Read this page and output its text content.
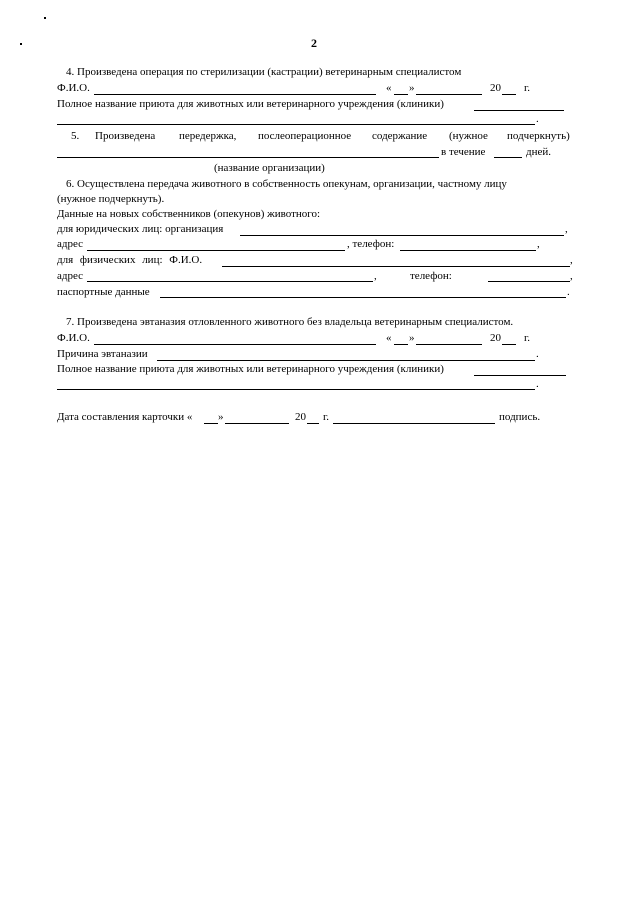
2
4. Произведена операция по стерилизации (кастрации) ветеринарным специалистом
Ф.И.О.	« »	20 г.
Полное название приюта для животных или ветеринарного учреждения (клиники)
.
5. Произведена передержка, послеоперационное содержание (нужное подчеркнуть)
в течение	дней.
(название организации)
6. Осуществлена передача животного в собственность опекунам, организации, частному лицу
(нужное подчеркнуть).
Данные на новых собственников (опекунов) животного:
для юридических лиц: организация	,
адрес	, телефон:	,
для физических лиц: Ф.И.О.	,
адрес	,	телефон:	,
паспортные данные	.
7. Произведена эвтаназия отловленного животного без владельца ветеринарным специалистом.
Ф.И.О.	« »	20 г.
Причина эвтаназии	.
Полное название приюта для животных или ветеринарного учреждения (клиники)
.
Дата составления карточки « »	20 г.	подпись.
